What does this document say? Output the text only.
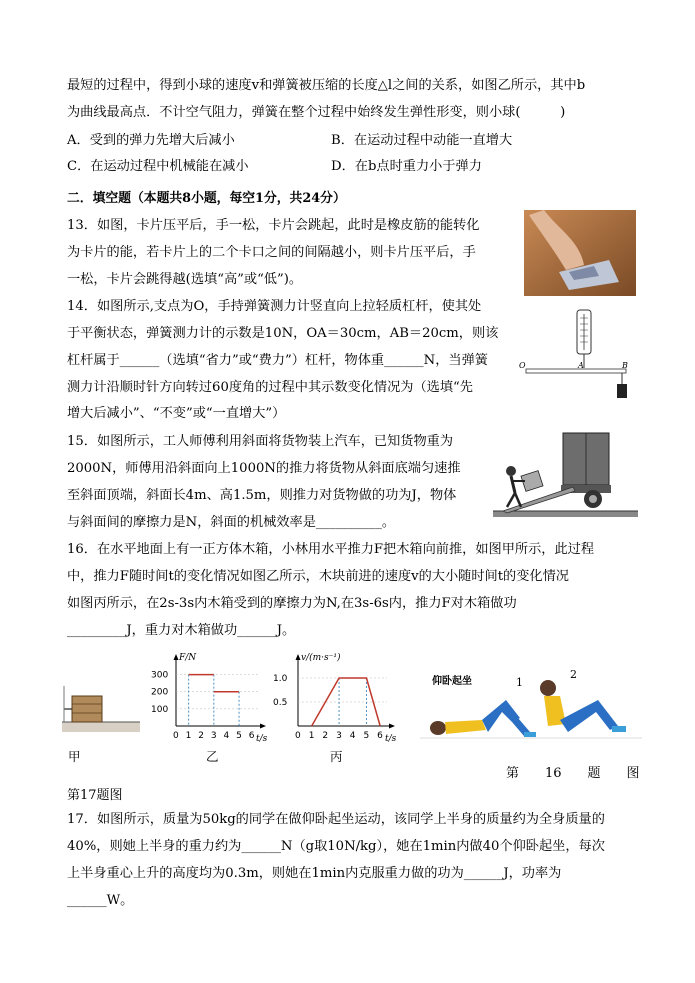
最短的过程中，得到小球的速度v和弹簧被压缩的长度△l之间的关系，如图乙所示，其中b
为曲线最高点．不计空气阻力，弹簧在整个过程中始终发生弹性形变，则小球(　　　)
A．受到的弹力先增大后减小	B．在运动过程中动能一直增大
C．在运动过程中机械能在减小	D．在b点时重力小于弹力
二．填空题（本题共8小题，每空1分，共24分）
13．如图，卡片压平后，手一松，卡片会跳起，此时是橡皮筋的能转化
为卡片的能，若卡片上的二个卡口之间的间隔越小，则卡片压平后，手
一松，卡片会跳得越(选填“高”或“低”)。
14．如图所示,支点为O，手持弹簧测力计竖直向上拉轻质杠杆，使其处
于平衡状态，弹簧测力计的示数是10N，OA＝30cm，AB＝20cm，则该
杠杆属于______（选填“省力”或“费力”）杠杆，物体重______N，当弹簧
测力计沿顺时针方向转过60度角的过程中其示数变化情况为（选填“先
增大后减小”、“不变”或“一直增大”）
O	A	B
15．如图所示，工人师傅利用斜面将货物装上汽车，已知货物重为
2000N，师傅用沿斜面向上1000N的推力将货物从斜面底端匀速推
至斜面顶端，斜面长4m、高1.5m，则推力对货物做的功为J，物体
与斜面间的摩擦力是N，斜面的机械效率是__________。
16．在水平地面上有一正方体木箱，小林用水平推力F把木箱向前推，如图甲所示，此过程
中，推力F随时间t的变化情况如图乙所示，木块前进的速度v的大小随时间t的变化情况
如图丙所示，在2s-3s内木箱受到的摩擦力为N,在3s-6s内，推力F对木箱做功
_________J，重力对木箱做功______J。
甲
F/N
t/s
0 1 2 3 4 5 6
100
200
300
乙
v/(m·s⁻¹)
t/s
0 1 2 3 4 5 6
0.5
1.0
丙
仰卧起坐	1
2
第　　16　　题　　图
第17题图
17．如图所示，质量为50kg的同学在做仰卧起坐运动，该同学上半身的质量约为全身质量的
40%，则她上半身的重力约为______N（g取10N/kg），她在1min内做40个仰卧起坐，每次
上半身重心上升的高度均为0.3m，则她在1min内克服重力做的功为______J，功率为
______W。
